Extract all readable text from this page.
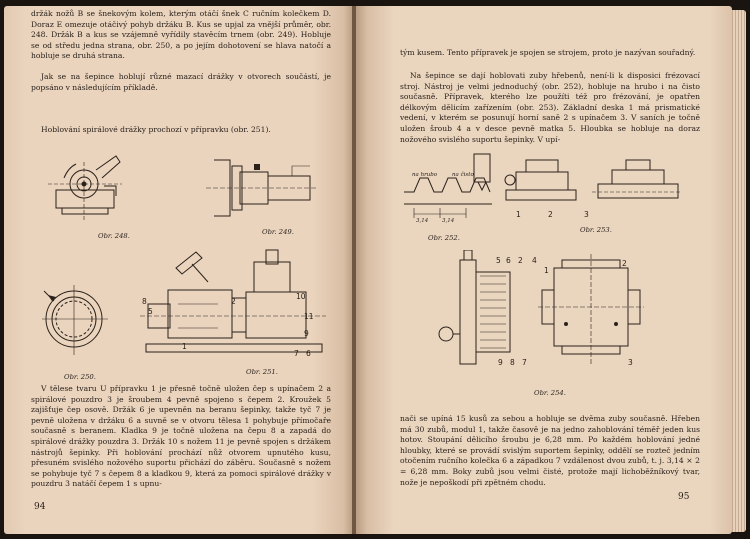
držák nožů B se šnekovým kolem, kterým otáčí šnek C ručním kolečkem D. Doraz E omezuje otáčivý pohyb držáku B. Kus se upjal za vnější průměr, obr. 248. Držák B a kus se vzájemně vyřídily stavěcím trnem (obr. 249). Hobluje se od středu jedna strana, obr. 250, a po jejím dohotovení se hlava natočí a hobluje se druhá strana.
Jak se na šepince hoblují různé mazací drážky v otvorech součástí, je popsáno v následujícím příkladě.
Hoblování spirálové drážky prochozí v přípravku (obr. 251).
Obr. 248.	Obr. 249.
Obr. 250.
8
5
2
10
11
9
1
7 6
Obr. 251.
V tělese tvaru U přípravku 1 je přesně točně uložen čep s upínačem 2 a spirálové pouzdro 3 je šroubem 4 pevně spojeno s čepem 2. Kroužek 5 zajišťuje čep osově. Držák 6 je upevněn na beranu šepinky, takže tyč 7 je pevně uložena v držáku 6 a suvně se v otvoru tělesa 1 pohybuje přímočaře současně s beranem. Kladka 9 je točně uložena na čepu 8 a zapadá do spirálové drážky pouzdra 3. Držák 10 s nožem 11 je pevně spojen s držákem nástrojů šepinky. Při hoblování prochází nůž otvorem upnutého kusu, přesuném svislého nožového suportu přichází do záběru. Současně s nožem se pohybuje tyč 7 s čepem 8 a kladkou 9, která za pomoci spirálové drážky v pouzdru 3 natáčí čepem 1 s upnu-
94
tým kusem. Tento přípravek je spojen se strojem, proto je nazývan souřadný.
Na šepince se dají hoblovati zuby hřebenů, není-li k disposici frézovací stroj. Nástroj je velmi jednoduchý (obr. 252), hobluje na hrubo i na čisto současně. Přípravek, kterého lze použíti též pro frézování, je opatřen délkovým dělicím zařízením (obr. 253). Základní deska 1 má prismatické vedení, v kterém se posunují horní saně 2 s upínačem 3. V saních je točně uložen šroub 4 a v desce pevně matka 5. Hloubka se hobluje na doraz nožového svislého suportu šepinky. V upí-
na hrubo	na čisto
3,14	3,14
Obr. 252.
1	2	3
Obr. 253.
5 6 2 4
1
2
9 8 7	3
Obr. 254.
nači se upíná 15 kusů za sebou a hobluje se dvěma zuby současně. Hřeben má 30 zubů, modul 1, takže časově je na jedno zahoblování téměř jeden kus hotov. Stoupání dělicího šroubu je 6,28 mm. Po každém hoblování jedné hloubky, které se provádí svislým suportem šepinky, oddělí se rozteč jedním otočením ručního kolečka 6 a západkou 7 vzdálenost dvou zubů, t. j. 3,14 × 2 = 6,28 mm. Boky zubů jsou velmi čisté, protože mají lichoběžníkový tvar, nože je nepoškodí při zpětném chodu.
95
